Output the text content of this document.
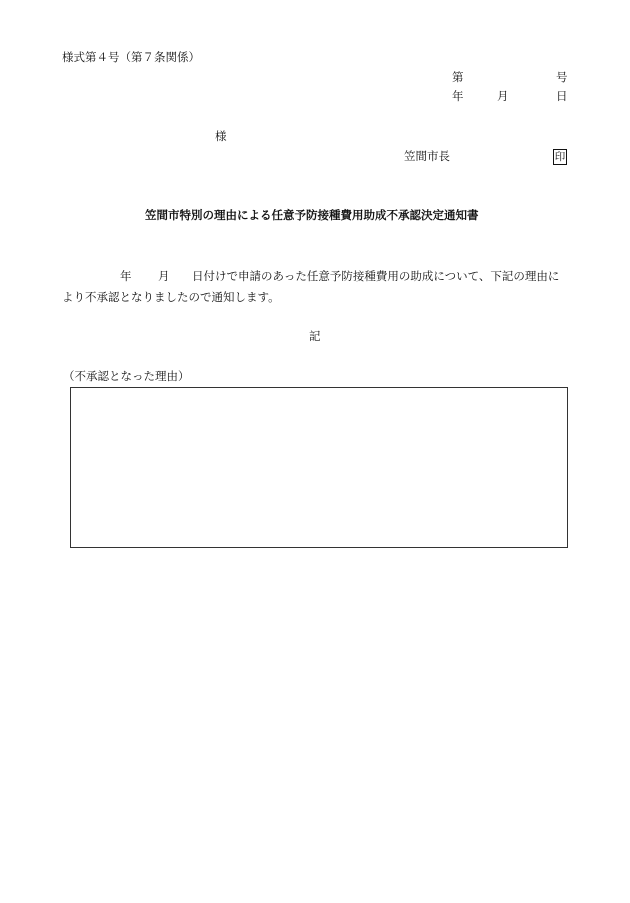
様式第４号（第７条関係）
第	号
年	月	日
様
笠間市長	印
笠間市特別の理由による任意予防接種費用助成不承認決定通知書
年 月 日付けで申請のあった任意予防接種費用の助成について、下記の理由に
より不承認となりましたので通知します。
記
（不承認となった理由）
